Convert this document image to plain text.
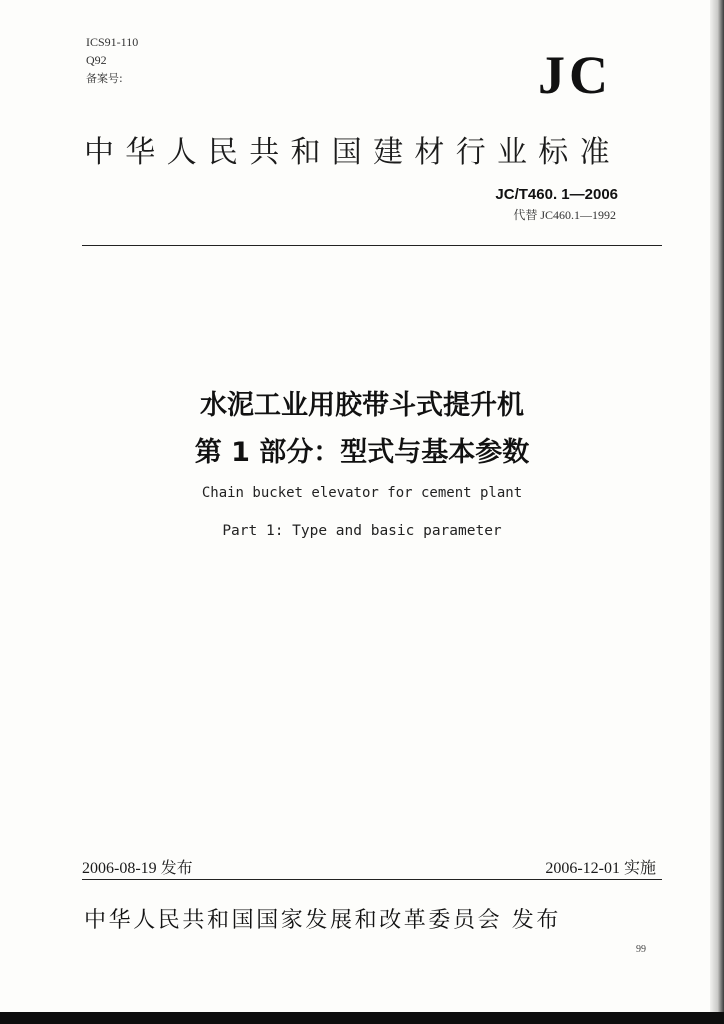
ICS91-110
Q92
备案号:	JC
中华人民共和国建材行业标准
JC/T460. 1—2006
代替 JC460.1—1992
水泥工业用胶带斗式提升机
第 1 部分：型式与基本参数
Chain bucket elevator for cement plant
Part 1: Type and basic parameter
2006-08-19 发布	2006-12-01 实施
中华人民共和国国家发展和改革委员会 发布
99
